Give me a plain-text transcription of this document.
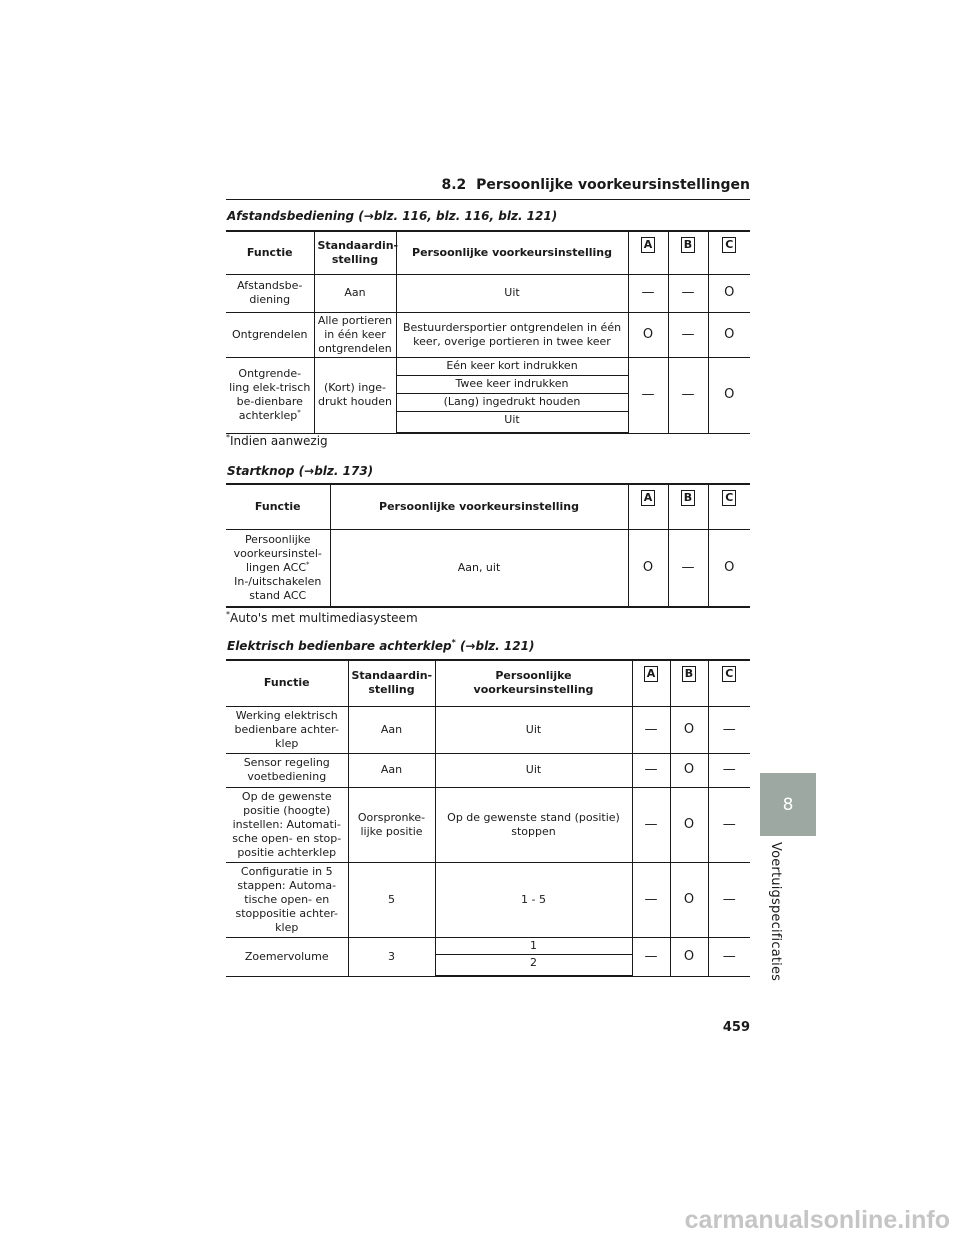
8.2 Persoonlijke voorkeursinstellingen
Afstandsbediening (→blz. 116, blz. 116, blz. 121)
Functie	Standaardin-stelling	Persoonlijke voorkeursinstelling	A	B	C
Afstandsbe-diening	Aan	Uit	—	—	O
Ontgrendelen	Alle portieren in één keer ontgrendelen	Bestuurdersportier ontgrendelen in één keer, overige portieren in twee keer	O	—	O
Ontgrende-ling elek-trisch be-dienbare achterklep*	(Kort) inge-drukt houden	Eén keer kort indrukken	—	—	O
		Twee keer indrukken			
		(Lang) ingedrukt houden			
		Uit			
*Indien aanwezig
Startknop (→blz. 173)
Functie	Persoonlijke voorkeursinstelling	A	B	C
Persoonlijke voorkeursinstel-lingen ACC*
In-/uitschakelen stand ACC	Aan, uit	O	—	O
*Auto's met multimediasysteem
Elektrisch bedienbare achterklep* (→blz. 121)
Functie	Standaardin-stelling	Persoonlijke voorkeursinstelling	A	B	C
Werking elektrisch bedienbare achter-klep	Aan	Uit	—	O	—
Sensor regeling voetbediening	Aan	Uit	—	O	—
Op de gewenste positie (hoogte) instellen: Automati-sche open- en stop-positie achterklep	Oorspronke-lijke positie	Op de gewenste stand (positie) stoppen	—	O	—
Configuratie in 5 stappen: Automa-tische open- en stoppositie achter-klep	5	1 - 5	—	O	—
Zoemervolume	3	1	—	O	—
		2			
8
Voertuigspecificaties
459
carmanualsonline.info
